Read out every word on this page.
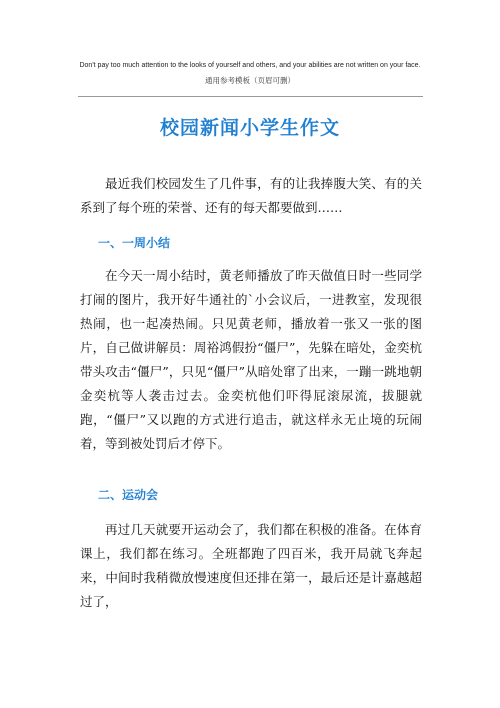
Don't pay too much attention to the looks of yourself and others, and your abilities are not written on your face.
通用参考模板（页眉可删）
校园新闻小学生作文

最近我们校园发生了几件事，有的让我捧腹大笑、有的关系到了每个班的荣誉、还有的每天都要做到……

一、一周小结

在今天一周小结时，黄老师播放了昨天做值日时一些同学打闹的图片，我开好牛通社的`小会议后，一进教室，发现很热闹，也一起凑热闹。只见黄老师，播放着一张又一张的图片，自己做讲解员：周裕鸿假扮“僵尸”，先躲在暗处，金奕杭带头攻击“僵尸”，只见“僵尸”从暗处窜了出来，一蹦一跳地朝金奕杭等人袭击过去。金奕杭他们吓得屁滚尿流，拔腿就跑，“僵尸”又以跑的方式进行追击，就这样永无止境的玩闹着，等到被处罚后才停下。

二、运动会

再过几天就要开运动会了，我们都在积极的准备。在体育课上，我们都在练习。全班都跑了四百米，我开局就飞奔起来，中间时我稍微放慢速度但还排在第一，最后还是计嘉越超过了，
